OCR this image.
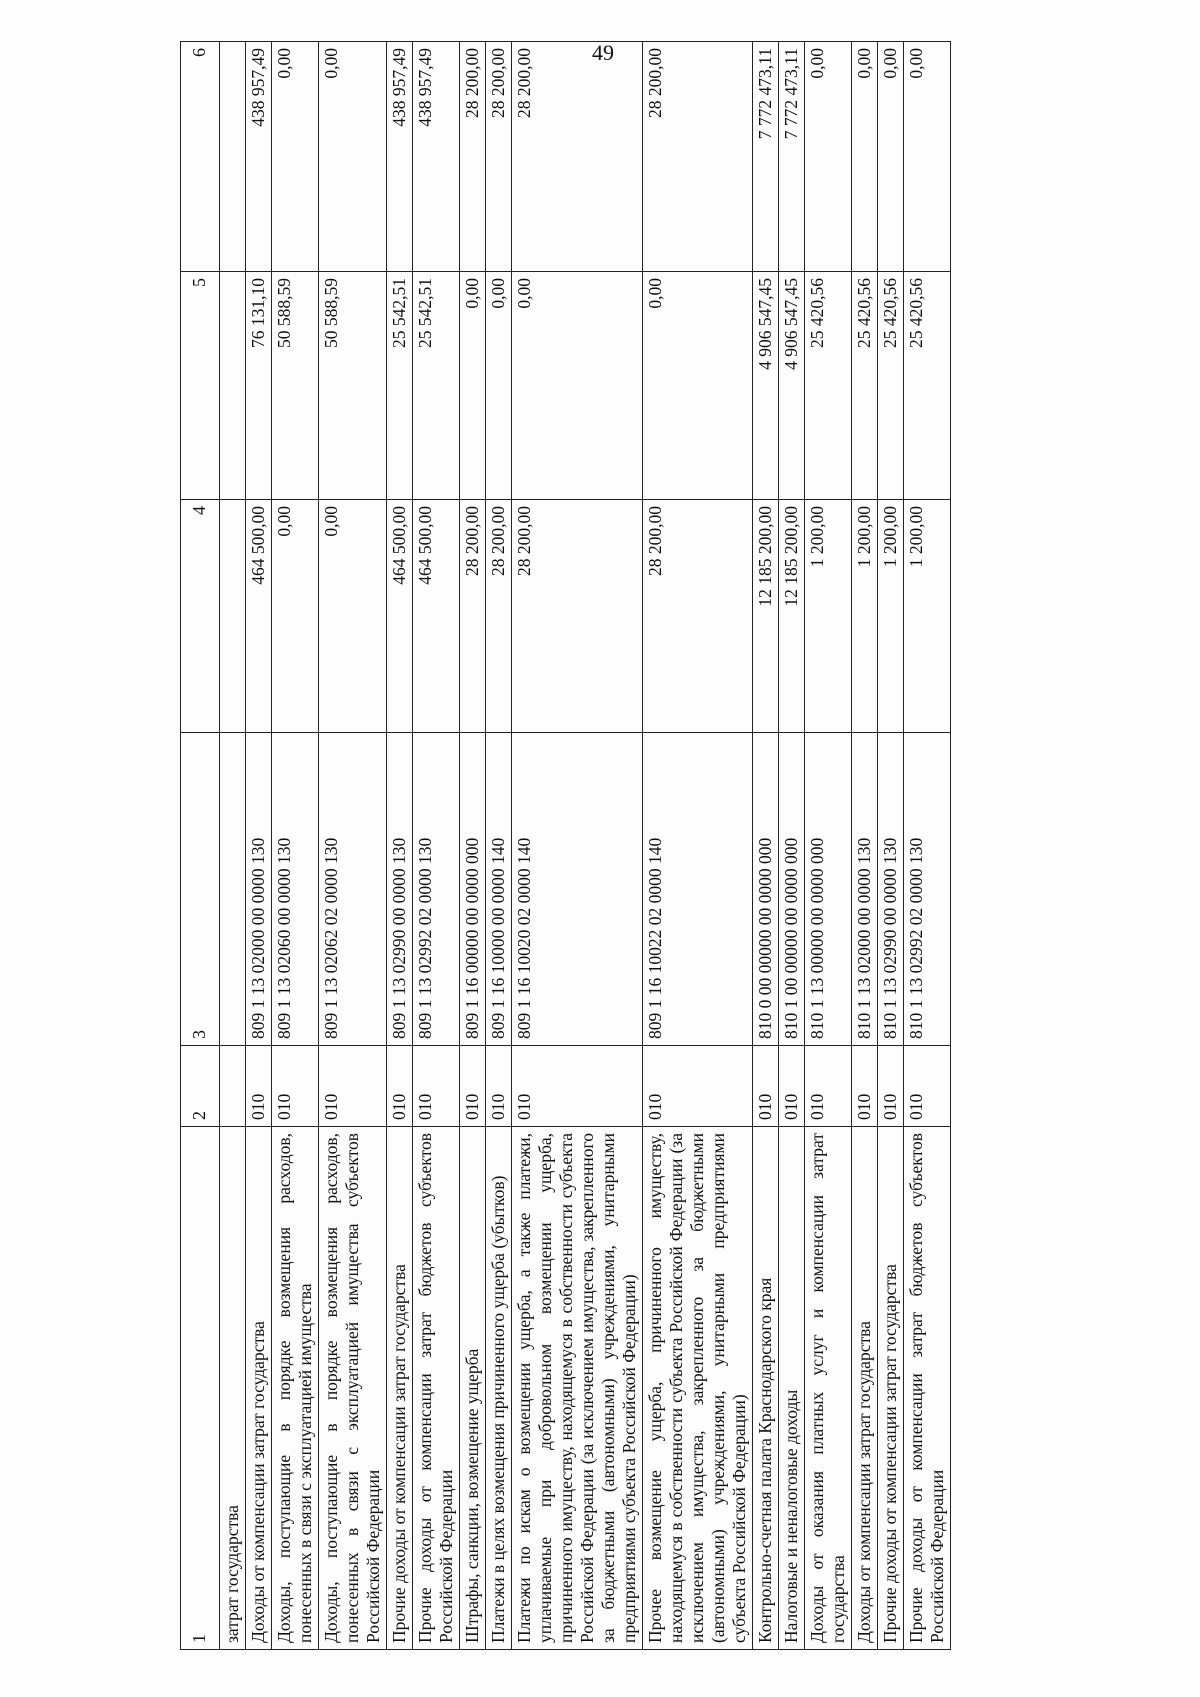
49
1	2	3	4	5	6
затрат государства					
Доходы от компенсации затрат государства	010	809 1 13 02000 00 0000 130	464 500,00	76 131,10	438 957,49
Доходы, поступающие в порядке возмещения расходов, понесенных в связи с эксплуатацией имущества	010	809 1 13 02060 00 0000 130	0,00	50 588,59	0,00
Доходы, поступающие в порядке возмещения расходов, понесенных в связи с эксплуатацией имущества субъектов Российской Федерации	010	809 1 13 02062 02 0000 130	0,00	50 588,59	0,00
Прочие доходы от компенсации затрат государства	010	809 1 13 02990 00 0000 130	464 500,00	25 542,51	438 957,49
Прочие доходы от компенсации затрат бюджетов субъектов Российской Федерации	010	809 1 13 02992 02 0000 130	464 500,00	25 542,51	438 957,49
Штрафы, санкции, возмещение ущерба	010	809 1 16 00000 00 0000 000	28 200,00	0,00	28 200,00
Платежи в целях возмещения причиненного ущерба (убытков)	010	809 1 16 10000 00 0000 140	28 200,00	0,00	28 200,00
Платежи по искам о возмещении ущерба, а также платежи, уплачиваемые при добровольном возмещении ущерба, причиненного имуществу, находящемуся в собственности субъекта Российской Федерации (за исключением имущества, закрепленного за бюджетными (автономными) учреждениями, унитарными предприятиями субъекта Российской Федерации)	010	809 1 16 10020 02 0000 140	28 200,00	0,00	28 200,00
Прочее возмещение ущерба, причиненного имуществу, находящемуся в собственности субъекта Российской Федерации (за исключением имущества, закрепленного за бюджетными (автономными) учреждениями, унитарными предприятиями субъекта Российской Федерации)	010	809 1 16 10022 02 0000 140	28 200,00	0,00	28 200,00
Контрольно-счетная палата Краснодарского края	010	810 0 00 00000 00 0000 000	12 185 200,00	4 906 547,45	7 772 473,11
Налоговые и неналоговые доходы	010	810 1 00 00000 00 0000 000	12 185 200,00	4 906 547,45	7 772 473,11
Доходы от оказания платных услуг и компенсации затрат государства	010	810 1 13 00000 00 0000 000	1 200,00	25 420,56	0,00
Доходы от компенсации затрат государства	010	810 1 13 02000 00 0000 130	1 200,00	25 420,56	0,00
Прочие доходы от компенсации затрат государства	010	810 1 13 02990 00 0000 130	1 200,00	25 420,56	0,00
Прочие доходы от компенсации затрат бюджетов субъектов Российской Федерации	010	810 1 13 02992 02 0000 130	1 200,00	25 420,56	0,00
